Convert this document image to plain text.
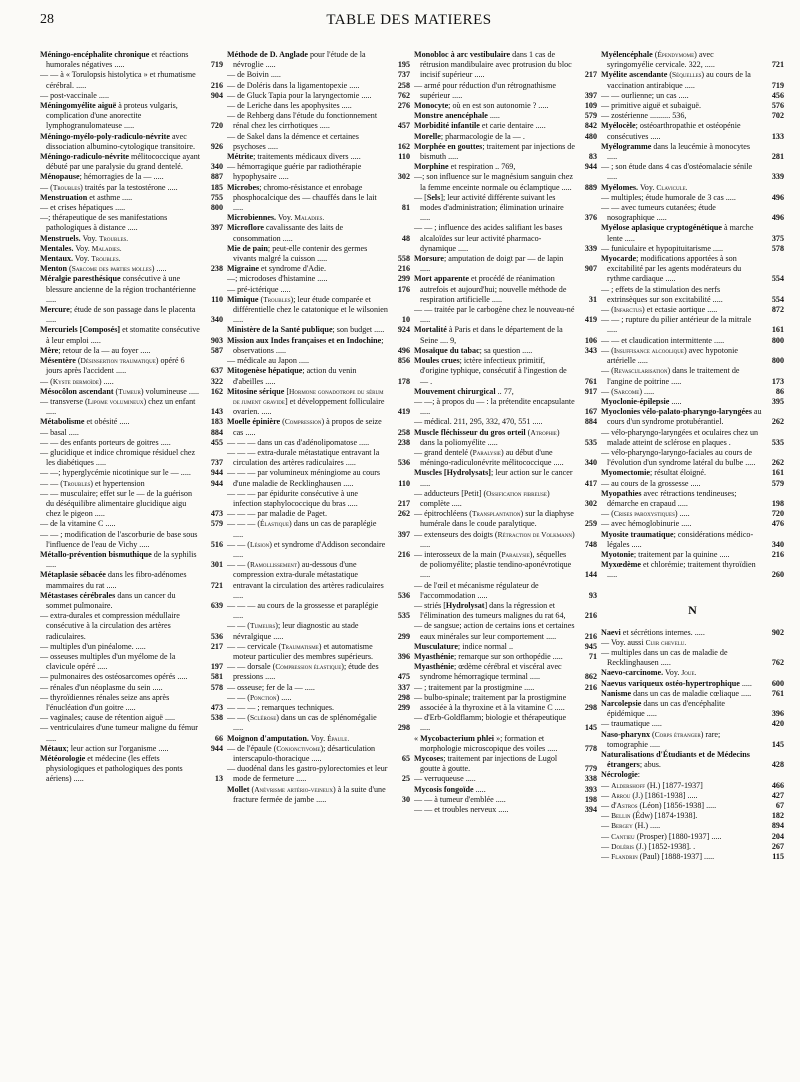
28	TABLE DES MATIERES
Méningo-encéphalite chronique et réactions humorales négatives .....	719
— — à « Torulopsis histolytica » et rhumatisme cérébral. .....	216
— post-vaccinale .....	904
Méningomyélite aiguë à proteus vulgaris, complication d'une anorectite lymphogranulomateuse .....	720
Méningo-myélo-poly-radiculo-névrite avec dissociation albumino-cytologique transitoire.	926
Méningo-radiculo-névrite mélitococcique ayant débuté par une paralysie du grand dentelé.	340
Ménopause; hémorragies de la — .....	887
— (Troubles) traités par la testostérone .....	185
Menstruation et asthme .....	755
— et crises hépatiques .....	800
—; thérapeutique de ses manifestations pathologiques à distance .....	397
Menstruels. Voy. Troubles.
Mentales. Voy. Maladies.
Mentaux. Voy. Troubles.
Menton (Sarcome des parties molles) .....	238
Méralgie paresthésique consécutive à une blessure ancienne de la région trochantérienne .....	110
Mercure; étude de son passage dans le placenta .....	340
Mercuriels [Composés] et stomatite consécutive à leur emploi .....	903
Mère; retour de la — au foyer .....	587
Mésentère (Désinsertion traumatique) opéré 6 jours après l'accident .....	637
— (Kyste dermoïde) .....	322
Mésocôlon ascendant (Tumeur) volumineuse .....	162
— transverse (Lipome volumineux) chez un enfant .....	143
Métabolisme et obésité .....	183
— basal .....	884
— — des enfants porteurs de goitres .....	455
— glucidique et indice chromique résiduel chez les diabétiques .....	737
— —; hyperglycémie nicotinique sur le — .....	944
— — (Troubles) et hypertension	944
— — musculaire; effet sur le — de la guérison du déséquilibre alimentaire glucidique aigu chez le pigeon .....	473
— de la vitamine C .....	579
— — ; modification de l'ascorburie de base sous l'influence de l'eau de Vichy .....	516
Métallo-prévention bismuthique de la syphilis .....	301
Métaplasie sébacée dans les fibro-adénomes mammaires du rat .....	721
Métastases cérébrales dans un cancer du sommet pulmonaire.	639
— extra-durales et compression médullaire consécutive à la circulation des artères radiculaires.	536
— multiples d'un pinéalome. .....	217
— osseuses multiples d'un myélome de la clavicule opéré .....	197
— pulmonaires des ostéosarcomes opérés .....	581
— rénales d'un néoplasme du sein .....	578
— thyroïdiennes rénales seize ans après l'énucléation d'un goitre .....	473
— vaginales; cause de rétention aiguë .....	538
— ventriculaires d'une tumeur maligne du fémur .....	66
Métaux; leur action sur l'organisme .....	944
Météorologie et médecine (les effets physiologiques et pathologiques des ponts aériens) .....	13
Méthode de D. Anglade pour l'étude de la névroglie .....	195
— de Boivin .....	737
— de Doléris dans la ligamentopexie .....	258
— de Gluck Tapia pour la laryngectomie .....	762
— de Leriche dans les apophysites .....	276
— de Rehberg dans l'étude du fonctionnement rénal chez les cirrhotiques .....	457
— de Sakel dans la démence et certaines psychoses .....	162
Métrite; traitements médicaux divers .....	110
— hémorragique guérie par radiothérapie hypophysaire .....	302
Microbes; chromo-résistance et enrobage phosphocalcique des — chauffés dans le lait .....	81
Microbiennes. Voy. Maladies.
Microflore cavalissante des laits de consommation .....	48
Mie de pain; peut-elle contenir des germes vivants malgré la cuisson .....	558
Migraine et syndrome d'Adie.	216
—; microdoses d'histamine .....	299
— pré-ictérique .....	176
Mimique (Troubles); leur étude comparée et différentielle chez le catatonique et le wilsonien .....	10
Ministère de la Santé publique; son budget .....	924
Mission aux Indes françaises et en Indochine; observations .....	496
— médicale au Japon .....	856
Mitogenèse hépatique; action du venin d'abeilles .....	178
Mitosine sérique [Hormone gonadotrope du sérum de jument gravide] et développement folliculaire ovarien. .....	419
Moelle épinière (Compression) à propos de seize cas .....	258
— — — dans un cas d'adénolipomatose .....	238
— — — extra-durale métastatique entravant la circulation des artères radiculaires .....	536
— — — par volumineux méningiome au cours d'une maladie de Recklinghausen .....	110
— — — par épidurite consécutive à une infection staphylococcique du bras .....	217
— — — par maladie de Paget.	262
— — — (Élastique) dans un cas de paraplégie .....	397
— — (Lésion) et syndrome d'Addison secondaire .....	216
— — (Ramollissement) au-dessous d'une compression extra-durale métastatique entravant la circulation des artères radiculaires .....	536
— — — au cours de la grossesse et paraplégie .....	535
— — (Tumeurs); leur diagnostic au stade névralgique .....	299
— — cervicale (Traumatisme) et automatisme moteur particulier des membres supérieurs.	396
— — dorsale (Compression élastique); étude des pressions .....	475
— osseuse; fer de la — .....	337
— — (Ponction) .....	298
— — — ; remarques techniques.	299
— — (Sclérose) dans un cas de splénomégalie .....	298
Moignon d'amputation. Voy. Épaule.
— de l'épaule (Conjonctivome); désarticulation interscapulo-thoracique .....	65
— duodénal dans les gastro-pylorectomies et leur mode de fermeture .....	25
Mollet (Anévrisme artério-veineux) à la suite d'une fracture fermée de jambe .....	30
Monobloc à arc vestibulaire dans 1 cas de rétrusion mandibulaire avec protrusion du bloc incisif supérieur .....	217
— armé pour réduction d'un rétrognathisme supérieur .....	397
Monocyte; où en est son autonomie ? .....	109
Monstre anencéphale .....	579
Morbidité infantile et carie dentaire .....	842
Morelle; pharmacologie de la — .	480
Morphée en gouttes; traitement par injections de bismuth .....	83
Morphine et respiration .. 769,	944
—; son influence sur le magnésium sanguin chez la femme enceinte normale ou éclamptique .....	889
— [Sels]; leur activité différente suivant les modes d'administration; élimination urinaire .....	376
— — ; influence des acides salifiant les bases alcaloïdes sur leur activité pharmaco-dynamique .....	339
Morsure; amputation de doigt par — de lapin .....	907
Mort apparente et procédé de réanimation autrefois et aujourd'hui; nouvelle méthode de respiration artificielle .....	31
— — traitée par le carbogène chez le nouveau-né .....	419
Mortalité à Paris et dans le département de la Seine .... 9,	106
Mosaïque du tabac; sa question .....	343
Moules crues; ictère infectieux primitif, d'origine typhique, consécutif à l'ingestion de — .	761
Mouvement chirurgical .. 77,	917
— —; à propos du — : la prétendite encapsulante .....	167
— médical. 211, 295, 332, 470, 551 .....	884
Muscle fléchisseur du gros orteil (Atrophie) dans la poliomyélite .....	535
— grand dentelé (Paralysie) au début d'une méningo-radiculonévrite mélitococcique .....	340
Muscles [Hydrolysats]; leur action sur le cancer .....	417
— adducteurs [Petit] (Ossification fibreuse) complète .....	302
— épitrochléens (Transplantation) sur la diaphyse humérale dans le coude paralytique.	259
— extenseurs des doigts (Rétraction de Volkmann) .....	748
— interosseux de la main (Paralysie), séquelles de poliomyélite; plastie tendino-aponévrotique .....	144
— de l'œil et mécanisme régulateur de l'accommodation .....	93
— striés [Hydrolysat] dans la régression et l'élimination des tumeurs malignes du rat 64,	216
— de sangsue; action de certains ions et certaines eaux minérales sur leur comportement .....	216
Musculature; indice normal ..	945
Myasthénie; remarque sur son orthopédie .....	71
Myasthénie; œdème cérébral et viscéral avec syndrome hémorragique terminal .....	862
— ; traitement par la prostigmine .....	216
— bulbo-spinale; traitement par la prostigmine associée à la thyroxine et à la vitamine C .....	298
— d'Erb-Goldflamm; biologie et thérapeutique .....	145
« Mycobacterium phlei »; formation et morphologie microscopique des voiles .....	778
Mycoses; traitement par injections de Lugol goutte à goutte.	779
— verruqueuse .....	338
Mycosis fongoïde .....	393
— — à tumeur d'emblée .....	198
— — et troubles nerveux .....	394
Myélencéphale (Épendymome) avec syringomyélie cervicale. 322, .....	721
Myélite ascendante (Séquelles) au cours de la vaccination antirabique .....	719
— — ourlienne; un cas .....	456
— primitive aiguë et subaiguë.	576
— zostérienne .......... 536,	702
Myélocèle; ostéoarthropathie et ostéopénie consécutives .....	133
Myélogramme dans la leucémie à monocytes .....	281
— ; son étude dans 4 cas d'ostéomalacie sénile .....	339
Myélomes. Voy. Clavicule.
— multiples; étude humorale de 3 cas .....	496
— — avec tumeurs cutanées; étude nosographique .....	496
Myélose aplasique cryptogénétique à marche lente .....	375
— funiculaire et hypopituitarisme .....	578
Myocarde; modifications apportées à son excitabilité par les agents modérateurs du rythme cardiaque .....	554
— ; effets de la stimulation des nerfs extrinsèques sur son excitabilité .....	554
— (Infarctus) et ectasie aortique .....	872
— — ; rupture du pilier antérieur de la mitrale .....	161
— — et claudication intermittente .....	800
— (Insuffisance alcoolique) avec hypotonie artérielle .....	800
— (Revascularisation) dans le traitement de l'angine de poitrine .....	173
— (Sarcome) .....	86
Myoclonie-épilepsie .....	395
Myoclonies vélo-palato-pharyngo-laryngées au cours d'un syndrome protubérantiel.	262
— vélo-pharyngo-laryngées et oculaires chez un malade atteint de sclérose en plaques .	535
— vélo-pharyngo-laryngo-faciales au cours de l'évolution d'un syndrome latéral du bulbe .....	262
Myomectomie; résultat éloigné.	161
— au cours de la grossesse .....	579
Myopathies avec rétractions tendineuses; démarche en crapaud .....	198
— (Crises paroxystiques) .....	720
— avec hémoglobinurie .....	476
Myosite traumatique; considérations médico-légales .....	340
Myotonie; traitement par la quinine .....	216
Myxœdème et chlorémie; traitement thyroïdien .....	260
N
Naevi et sécrétions internes. .....	902
— Voy. aussi Cuir chevelu.
— multiples dans un cas de maladie de Recklinghausen .....	762
Naevo-carcinome. Voy. Joue.
Naevus variqueux ostéo-hypertrophique .....	600
Nanisme dans un cas de maladie cœliaque .....	761
Narcolepsie dans un cas d'encéphalite épidémique .....	396
— traumatique .....	420
Naso-pharynx (Corps étranger) rare; tomographie .....	145
Naturalisations d'Étudiants et de Médecins étrangers; abus.	428
Nécrologie:
— Aldershoff (H.) [1877-1937]	466
— Arrou (J.) [1861-1938] .....	427
— d'Astros (Léon) [1856-1938] .....	67
— Bellin (Édw) [1874-1938].	182
— Bergey (H.) .....	894
— Cantieu (Prosper) [1880-1937] .....	204
— Doléris (J.) [1852-1938]. .	267
— Flandrin (Paul) [1888-1937] .....	115
